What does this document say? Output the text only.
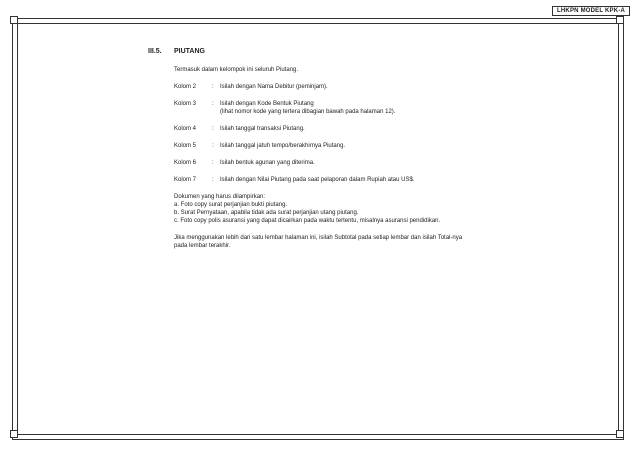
LHKPN MODEL KPK-A
III.5.	PIUTANG
Termasuk dalam kelompok ini seluruh Piutang.
Kolom 2	:	Isilah dengan Nama Debitur (peminjam).
Kolom 3	:	Isilah dengan Kode Bentuk Piutang
(lihat nomor kode yang tertera dibagian bawah pada halaman 12).
Kolom 4	:	Isilah tanggal transaksi Piutang.
Kolom 5	:	Isilah tanggal jatuh tempo/berakhirnya Piutang.
Kolom 6	:	Isilah bentuk agunan yang diterima.
Kolom 7	:	Isilah dengan Nilai Piutang pada saat pelaporan dalam Rupiah atau US$.
Dokumen yang harus dilampirkan:
a. Foto copy surat perjanjian bukti piutang.
b. Surat Pernyataan, apabila tidak ada surat perjanjian utang piutang.
c. Foto copy polis asuransi yang dapat dicairkan pada waktu tertentu, misalnya asuransi pendidikan.
Jika menggunakan lebih dari satu lembar halaman ini, isilah Subtotal pada setiap lembar dan isilah Total-nya
pada lembar terakhir.
